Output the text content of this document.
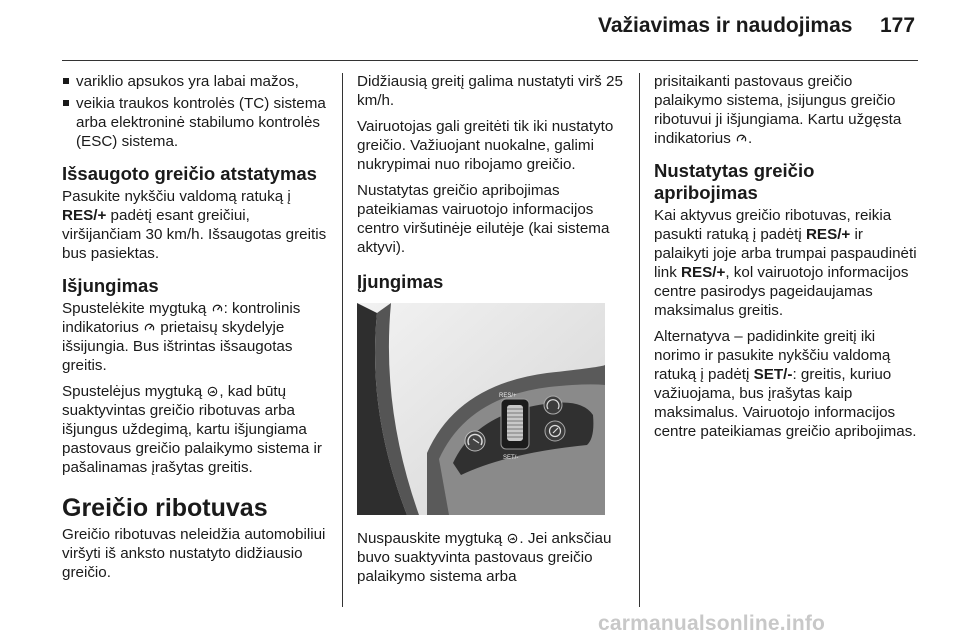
Važiavimas ir naudojimas 177
variklio apsukos yra labai mažos,
veikia traukos kontrolės (TC) sistema arba elektroninė stabilumo kontrolės (ESC) sistema.
Išsaugoto greičio atstatymas

Pasukite nykščiu valdomą ratuką į RES/+ padėtį esant greičiui, viršijančiam 30 km/h. Išsaugotas greitis bus pasiektas.

Išjungimas

Spustelėkite mygtuką
: kontrolinis indikatorius
prietaisų skydelyje išsijungia. Bus ištrintas išsaugotas greitis.

Spustelėjus mygtuką
, kad būtų suaktyvintas greičio ribotuvas arba išjungus uždegimą, kartu išjungiama pastovaus greičio palaikymo sistema ir pašalinamas įrašytas greitis.

Greičio ribotuvas

Greičio ribotuvas neleidžia automobiliui viršyti iš anksto nustatyto didžiausio greičio.

Didžiausią greitį galima nustatyti virš 25 km/h.

Vairuotojas gali greitėti tik iki nustatyto greičio. Važiuojant nuokalne, galimi nukrypimai nuo ribojamo greičio.

Nustatytas greičio apribojimas pateikiamas vairuotojo informacijos centro viršutinėje eilutėje (kai sistema aktyvi).

Įjungimas
RES/+
SET/-

Nuspauskite mygtuką
. Jei anksčiau buvo suaktyvinta pastovaus greičio palaikymo sistema arba

prisitaikanti pastovaus greičio palaikymo sistema, įsijungus greičio ribotuvui ji išjungiama. Kartu užgęsta indikatorius
.

Nustatytas greičio apribojimas

Kai aktyvus greičio ribotuvas, reikia pasukti ratuką į padėtį RES/+ ir palaikyti joje arba trumpai paspaudinėti link RES/+, kol vairuotojo informacijos centre pasirodys pageidaujamas maksimalus greitis.

Alternatyva – padidinkite greitį iki norimo ir pasukite nykščiu valdomą ratuką į padėtį SET/-: greitis, kuriuo važiuojama, bus įrašytas kaip maksimalus. Vairuotojo informacijos centre pateikiamas greičio apribojimas.

carmanualsonline.info
